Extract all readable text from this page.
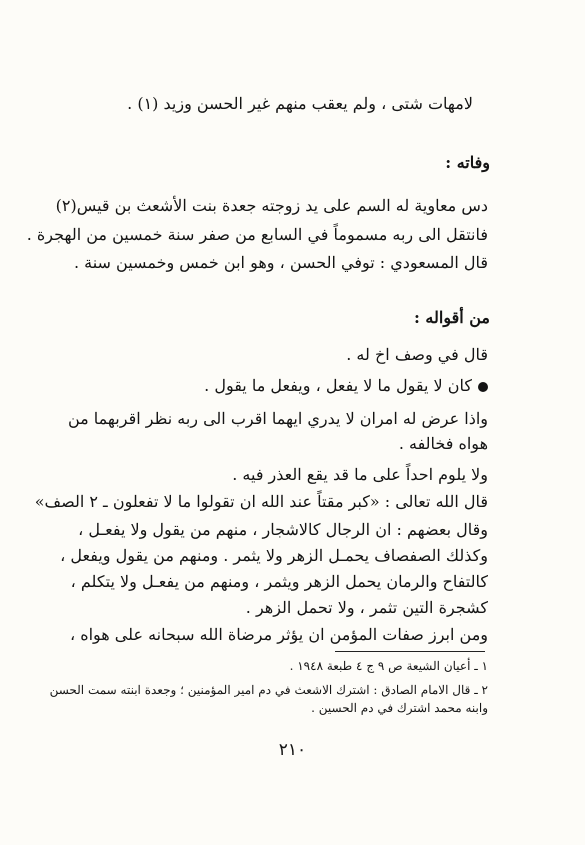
لامهات شتى ، ولم يعقب منهم غير الحسن وزيد (١) .

وفاته :

دس معاوية له السم على يد زوجته جعدة بنت الأشعث بن قيس(٢)

فانتقل الى ربه مسموماً في السابع من صفر سنة خمسين من الهجرة .

قال المسعودي : توفي الحسن ، وهو ابن خمس وخمسين سنة .

من أقواله :

قال في وصف اخ له .

كان لا يقول ما لا يفعل ، ويفعل ما يقول .

واذا عرض له امران لا يدري ايهما اقرب الى ربه نظر اقربهما من

هواه فخالفه .

ولا يلوم احداً على ما قد يقع العذر فيه .

قال الله تعالى : «كبر مقتاً عند الله ان تقولوا ما لا تفعلون ـ ٢ الصف»

وقال بعضهم : ان الرجال كالاشجار ، منهم من يقول ولا يفعـل ،

وكذلك الصفصاف يحمـل الزهر ولا يثمر . ومنهم من يقول ويفعل ،

كالتفاح والرمان يحمل الزهر ويثمر ، ومنهم من يفعـل ولا يتكلم ،

كشجرة التين تثمر ، ولا تحمل الزهر .

ومن ابرز صفات المؤمن ان يؤثر مرضاة الله سبحانه على هواه ،

١ ـ أعيان الشيعة ص ٩ ج ٤ طبعة ١٩٤٨ .

٢ ـ قال الامام الصادق : اشترك الاشعث في دم امير المؤمنين ؛ وجعدة ابنته سمت الحسن

وابنه محمد اشترك في دم الحسين .

٢١٠
